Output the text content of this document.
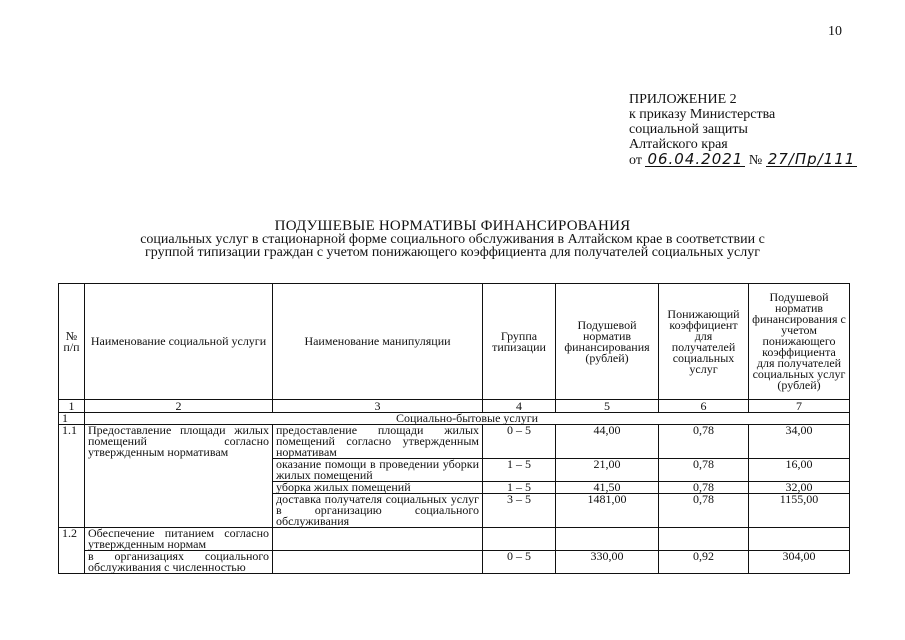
10
ПРИЛОЖЕНИЕ 2
к приказу Министерства
социальной защиты
Алтайского края
от 06.04.2021 № 27/Пр/111
ПОДУШЕВЫЕ НОРМАТИВЫ ФИНАНСИРОВАНИЯ
социальных услуг в стационарной форме социального обслуживания в Алтайском крае в соответствии с
группой типизации граждан с учетом понижающего коэффициента для получателей социальных услуг
№ п/п	Наименование социальной услуги	Наименование манипуляции	Группа типизации	Подушевой норматив финансирования (рублей)	Понижающий коэффициент для получателей социальных услуг	Подушевой норматив финансирования с учетом понижающего коэффициента для получателей социальных услуг (рублей)
1	2	3	4	5	6	7
1	Социально-бытовые услуги					
1.1	Предоставление площади жилых помещений согласно утвержденным нормативам	предоставление площади жилых помещений согласно утвержденным нормативам	0 – 5	44,00	0,78	34,00
		оказание помощи в проведении уборки жилых помещений	1 – 5	21,00	0,78	16,00
		уборка жилых помещений	1 – 5	41,50	0,78	32,00
		доставка получателя социальных услуг в организацию социального обслуживания	3 – 5	1481,00	0,78	1155,00
1.2	Обеспечение питанием согласно утвержденным нормам					
	в организациях социального обслуживания с численностью		0 – 5	330,00	0,92	304,00
